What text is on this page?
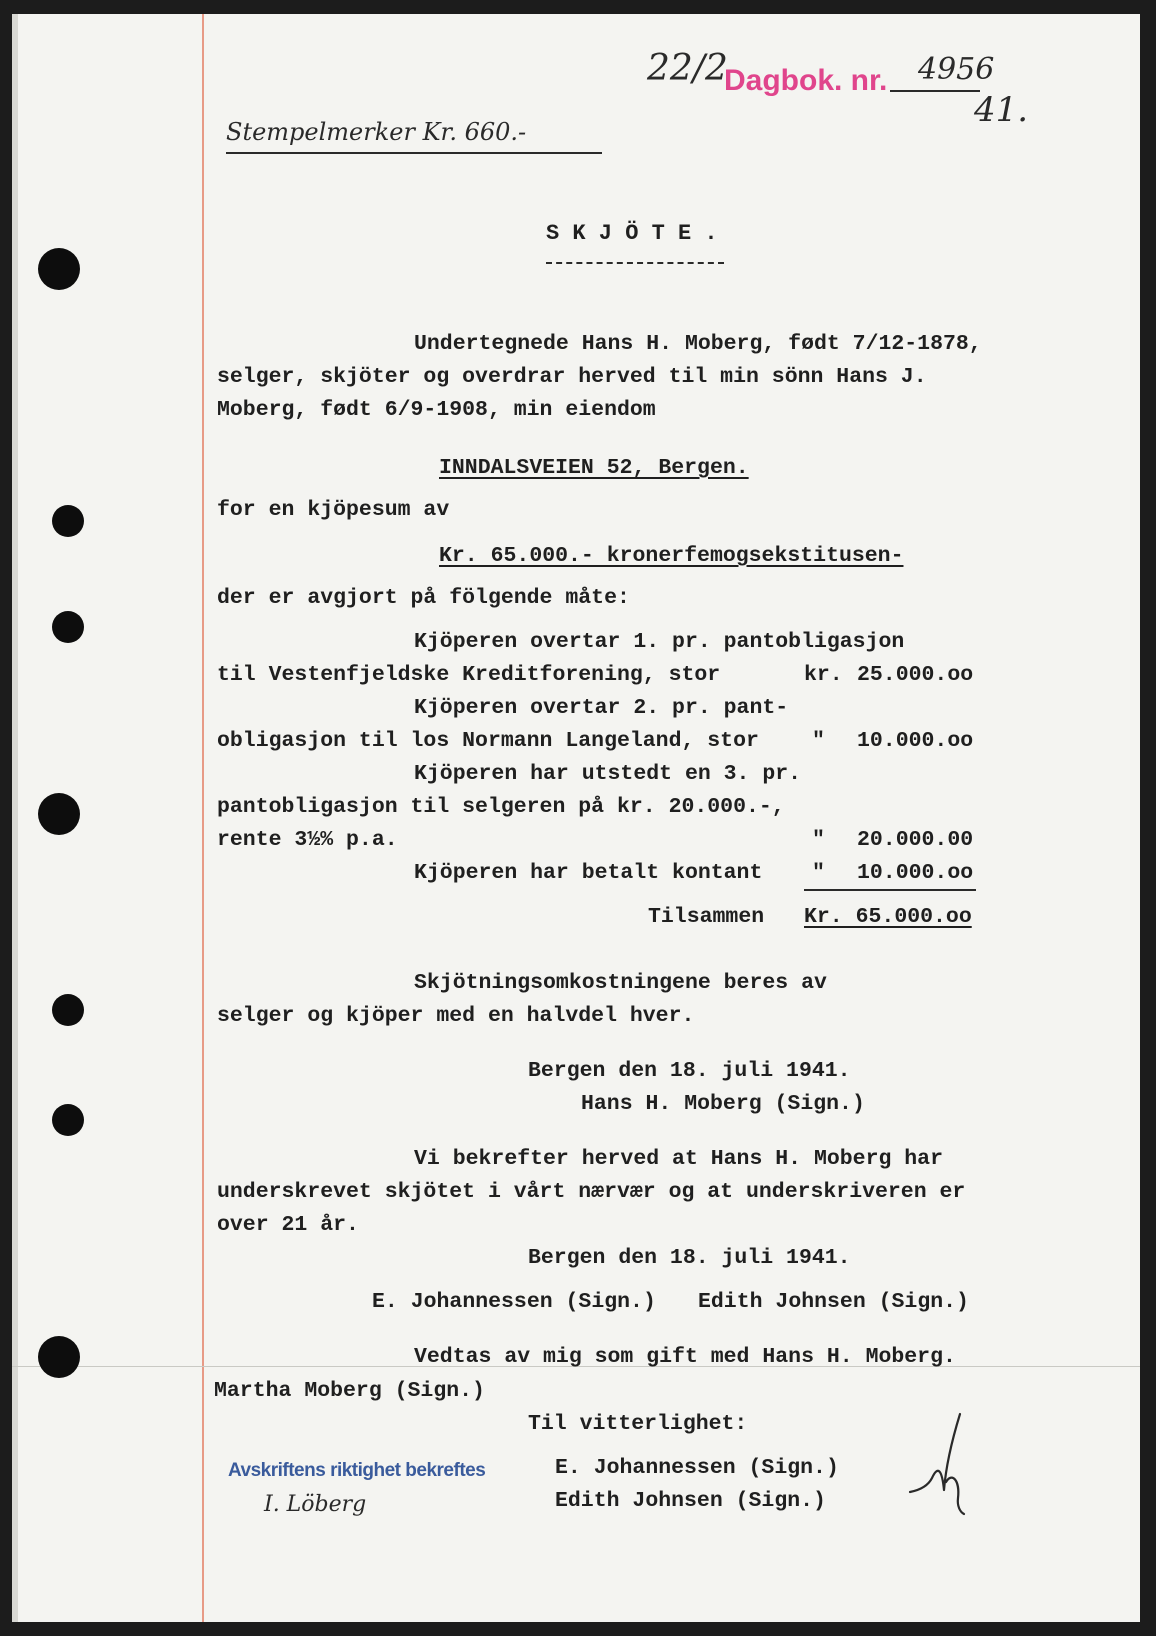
22/2
Dagbok. nr. 4956
41.
Stempelmerker Kr. 660.-
S K J Ö T E .
Undertegnede Hans H. Moberg, født 7/12-1878,
selger, skjöter og overdrar herved til min sönn Hans J.
Moberg, født 6/9-1908, min eiendom
INNDALSVEIEN 52, Bergen.
for en kjöpesum av
Kr. 65.000.- kronerfemogsekstitusen-
der er avgjort på fölgende måte:
Kjöperen overtar 1. pr. pantobligasjon
til Vestenfjeldske Kreditforening, stor	kr. 25.000.oo
Kjöperen overtar 2. pr. pant-
obligasjon til los Normann Langeland, stor " 10.000.oo
Kjöperen har utstedt en 3. pr.
pantobligasjon til selgeren på kr. 20.000.-,
rente 3½% p.a.	" 20.000.00
Kjöperen har betalt kontant " 10.000.oo
Tilsammen Kr. 65.000.oo
Skjötningsomkostningene beres av
selger og kjöper med en halvdel hver.
Bergen den 18. juli 1941.
Hans H. Moberg (Sign.)
Vi bekrefter herved at Hans H. Moberg har
underskrevet skjötet i vårt nærvær og at underskriveren er
over 21 år.
Bergen den 18. juli 1941.
E. Johannessen (Sign.) Edith Johnsen (Sign.)
Vedtas av mig som gift med Hans H. Moberg.
Martha Moberg (Sign.)
Til vitterlighet:
E. Johannessen (Sign.)
Edith Johnsen (Sign.)
Avskriftens riktighet bekreftes
I. Löberg
